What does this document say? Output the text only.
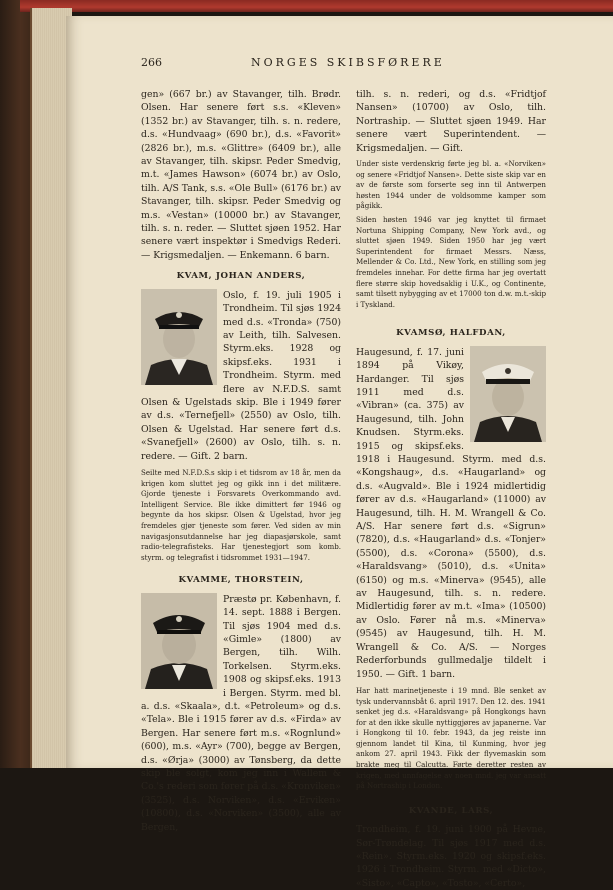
266	NORGES SKIBSFØRERE

gen» (667 br.) av Stavanger, tilh. Brødr. Olsen. Har senere ført s.s. «Kleven» (1352 br.) av Stavanger, tilh. s. n. redere, d.s. «Hundvaag» (690 br.), d.s. «Favorit» (2826 br.), m.s. «Glittre» (6409 br.), alle av Stavanger, tilh. skipsr. Peder Smedvig, m.t. «James Hawson» (6074 br.) av Oslo, tilh. A/S Tank, s.s. «Ole Bull» (6176 br.) av Stavanger, tilh. skipsr. Peder Smedvig og m.s. «Vestan» (10000 br.) av Stavanger, tilh. s. n. reder. — Sluttet sjøen 1952. Har senere vært inspektør i Smedvigs Rederi. — Krigsmedaljen. — Enkemann. 6 barn.

KVAM, JOHAN ANDERS,

Oslo, f. 19. juli 1905 i Trondheim. Til sjøs 1924 med d.s. «Tronda» (750) av Leith, tilh. Salvesen. Styrm.eks. 1928 og skipsf.eks. 1931 i Trondheim. Styrm. med flere av N.F.D.S. samt Olsen & Ugelstads skip. Ble i 1949 fører av d.s. «Ternefjell» (2550) av Oslo, tilh. Olsen & Ugelstad. Har senere ført d.s. «Svanefjell» (2600) av Oslo, tilh. s. n. redere. — Gift. 2 barn.

Seilte med N.F.D.S.s skip i et tidsrom av 18 år, men da krigen kom sluttet jeg og gikk inn i det militære. Gjorde tjeneste i Forsvarets Overkommando avd. Intelligent Service. Ble ikke dimittert før 1946 og begynte da hos skipsr. Olsen & Ugelstad, hvor jeg fremdeles gjør tjeneste som fører. Ved siden av min navigasjonsutdannelse har jeg diapasjørskole, samt radio-telegrafisteks. Har tjenestegjort som komb. styrm. og telegrafist i tidsrommet 1931—1947.

KVAMME, THORSTEIN,

Præstø pr. København, f. 14. sept. 1888 i Bergen. Til sjøs 1904 med d.s. «Gimle» (1800) av Bergen, tilh. Wilh. Torkelsen. Styrm.eks. 1908 og skipsf.eks. 1913 i Bergen. Styrm. med bl. a. d.s. «Skaala», d.t. «Petroleum» og d.s. «Tela». Ble i 1915 fører av d.s. «Firda» av Bergen. Har senere ført m.s. «Rognlund» (600), m.s. «Ayr» (700), begge av Bergen, d.s. «Ørja» (3000) av Tønsberg, da dette skip ble solgt, kom jeg inn i Wallem & Co.'s rederi som fører på d.s. «Kronviken» (3525), d.s. Norviken», d.s. «Erviken» (10800), d.s. «Norviken» (3500), alle av Bergen,

tilh. s. n. rederi, og d.s. «Fridtjof Nansen» (10700) av Oslo, tilh. Nortraship. — Sluttet sjøen 1949. Har senere vært Superintendent. — Krigsmedaljen. — Gift.

Under siste verdenskrig førte jeg bl. a. «Norviken» og senere «Fridtjof Nansen». Dette siste skip var en av de første som forserte seg inn til Antwerpen høsten 1944 under de voldsomme kamper som pågikk.

Siden høsten 1946 var jeg knyttet til firmaet Nortuna Shipping Company, New York avd., og sluttet sjøen 1949. Siden 1950 har jeg vært Superintendent for firmaet Messrs. Næss, Mellender & Co. Ltd., New York, en stilling som jeg fremdeles innehar. For dette firma har jeg overtatt flere større skip hovedsaklig i U.K., og Continente, samt tilsett nybygging av et 17000 ton d.w. m.t.-skip i Tyskland.

KVAMSØ, HALFDAN,

Haugesund, f. 17. juni 1894 på Vikøy, Hardanger. Til sjøs 1911 med d.s. «Vibran» (ca. 375) av Haugesund, tilh. John Knudsen. Styrm.eks. 1915 og skipsf.eks. 1918 i Haugesund. Styrm. med d.s. «Kongshaug», d.s. «Haugarland» og d.s. «Augvald». Ble i 1924 midlertidig fører av d.s. «Haugarland» (11000) av Haugesund, tilh. H. M. Wrangell & Co. A/S. Har senere ført d.s. «Sigrun» (7820), d.s. «Haugarland» d.s. «Tonjer» (5500), d.s. «Corona» (5500), d.s. «Haraldsvang» (5010), d.s. «Unita» (6150) og m.s. «Minerva» (9545), alle av Haugesund, tilh. s. n. redere. Midlertidig fører av m.t. «Ima» (10500) av Oslo. Fører nå m.s. «Minerva» (9545) av Haugesund, tilh. H. M. Wrangell & Co. A/S. — Norges Rederforbunds gullmedalje tildelt i 1950. — Gift. 1 barn.

Har hatt marinetjeneste i 19 mnd. Ble senket av tysk undervannsbåt 6. april 1917. Den 12. des. 1941 senket jeg d.s. «Haraldsvang» på Hongkongs havn for at den ikke skulle nyttiggjøres av japanerne. Var i Hongkong til 10. febr. 1943, da jeg reiste inn gjennom landet til Kina, til Kunming, hvor jeg ankom 27. april 1943. Fikk der flyvemaskin som brakte meg til Calcutta. Førte deretter resten av krigen, med unnfagelse av noen mnd. jeg var ansatt på Nortraship i London.

KVANDE, LARS,

Trondheim, f. 19. juni 1900 på Hevne, Sør-Trøndelag. Til sjøs 1917 med d.s. «Rein». Styrm.eks. 1920 og skipsf.eks. 1926 i Trondheim. Styrm. med «Dicto», «Sisto», «Capto», «Tosto», «Certo»,
